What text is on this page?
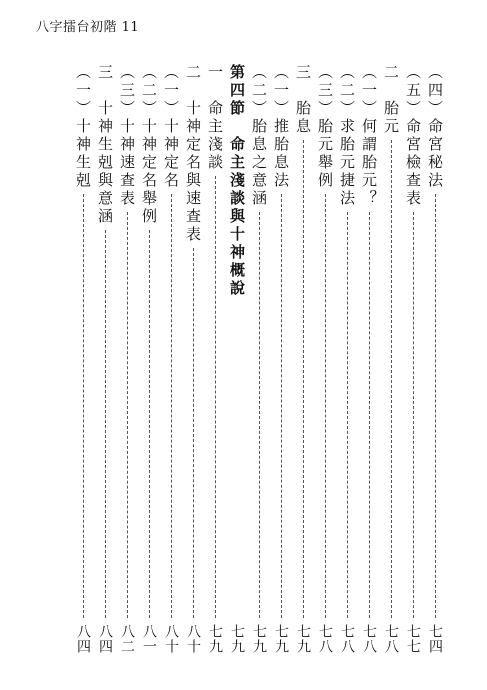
八字擂台初階 11
（四）命宮秘法
七四
（五）命宮檢查表
七七
二　胎元
七八
（一）何謂胎元？
七八
（二）求胎元捷法
七八
（三）胎元舉例
七八
三　胎息
七九
（一）推胎息法
七九
（二）胎息之意涵
七九
第四節　命主淺談與十神概說
七九
一　命主淺談
七九
二　十神定名與速查表
八十
（一）十神定名
八十
（二）十神定名舉例
八一
（三）十神速查表
八二
三　十神生剋與意涵
八四
（一）十神生剋
八四
